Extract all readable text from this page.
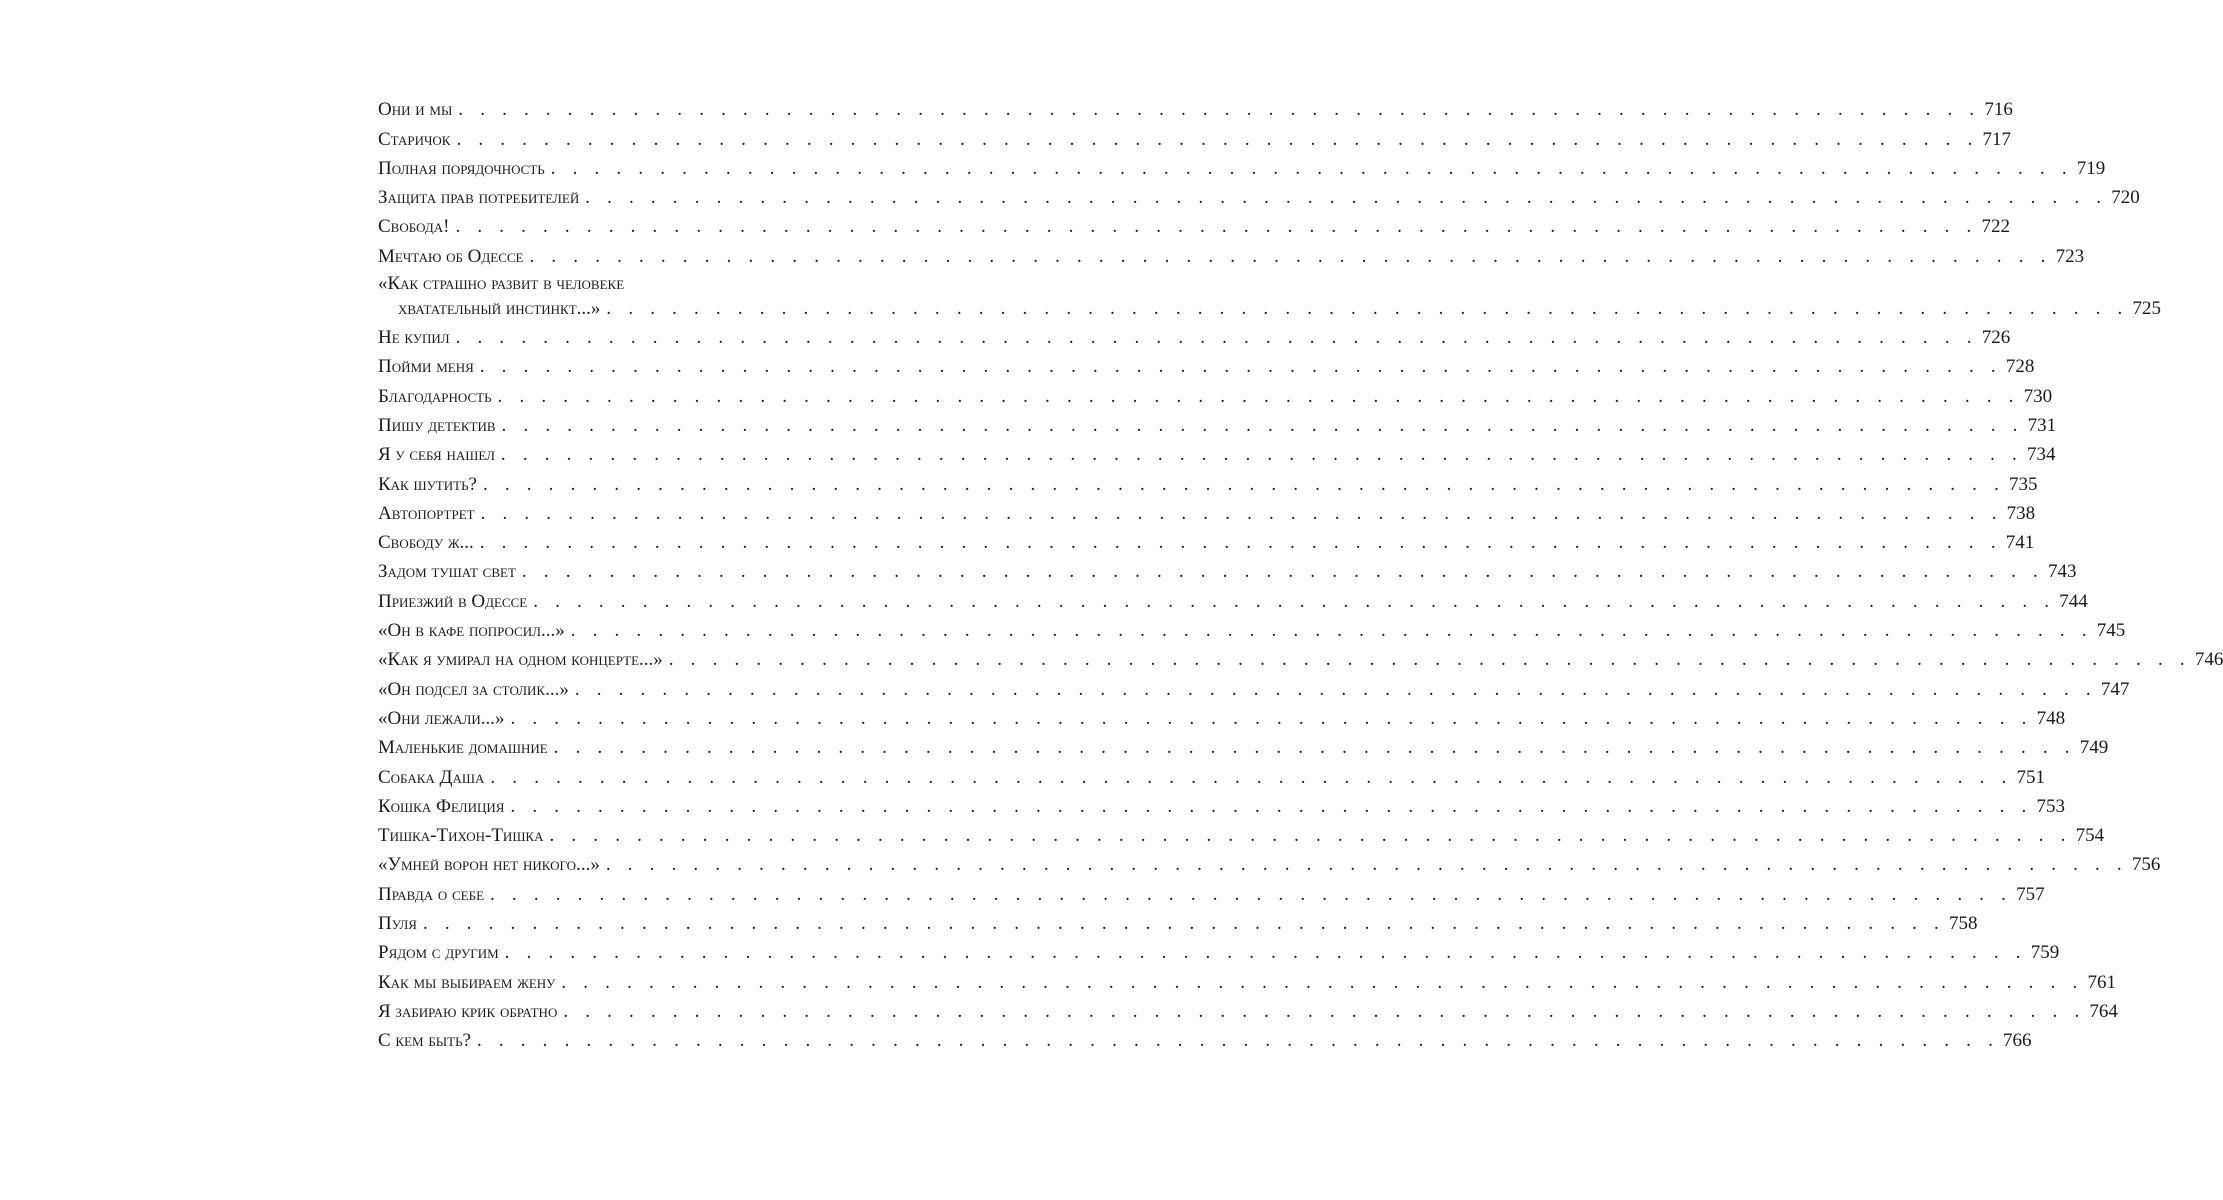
Они и мы . . . . . . . . . . . . . . . . . . . . . . . . . . . . . . . . . . . . . . . . . . . . . . . . . . . . . . . . . . . . . . . . . . . . . . 716
Старичок . . . . . . . . . . . . . . . . . . . . . . . . . . . . . . . . . . . . . . . . . . . . . . . . . . . . . . . . . . . . . . . . . . . . . . 717
Полная порядочность . . . . . . . . . . . . . . . . . . . . . . . . . . . . . . . . . . . . . . . . . . . . . . . . . . . . . . . . . . . . . . . . . . . . . . 719
Защита прав потребителей . . . . . . . . . . . . . . . . . . . . . . . . . . . . . . . . . . . . . . . . . . . . . . . . . . . . . . . . . . . . . . . . . . . . . . 720
Свобода! . . . . . . . . . . . . . . . . . . . . . . . . . . . . . . . . . . . . . . . . . . . . . . . . . . . . . . . . . . . . . . . . . . . . . . 722
Мечтаю об Одессе . . . . . . . . . . . . . . . . . . . . . . . . . . . . . . . . . . . . . . . . . . . . . . . . . . . . . . . . . . . . . . . . . . . . . . 723
«Как страшно развит в человеке
хватательный инстинкт...» . . . . . . . . . . . . . . . . . . . . . . . . . . . . . . . . . . . . . . . . . . . . . . . . . . . . . . . . . . . . . . . . . . . . . . 725
Не купил . . . . . . . . . . . . . . . . . . . . . . . . . . . . . . . . . . . . . . . . . . . . . . . . . . . . . . . . . . . . . . . . . . . . . . 726
Пойми меня . . . . . . . . . . . . . . . . . . . . . . . . . . . . . . . . . . . . . . . . . . . . . . . . . . . . . . . . . . . . . . . . . . . . . . 728
Благодарность . . . . . . . . . . . . . . . . . . . . . . . . . . . . . . . . . . . . . . . . . . . . . . . . . . . . . . . . . . . . . . . . . . . . . . 730
Пишу детектив . . . . . . . . . . . . . . . . . . . . . . . . . . . . . . . . . . . . . . . . . . . . . . . . . . . . . . . . . . . . . . . . . . . . . . 731
Я у себя нашел . . . . . . . . . . . . . . . . . . . . . . . . . . . . . . . . . . . . . . . . . . . . . . . . . . . . . . . . . . . . . . . . . . . . . . 734
Как шутить? . . . . . . . . . . . . . . . . . . . . . . . . . . . . . . . . . . . . . . . . . . . . . . . . . . . . . . . . . . . . . . . . . . . . . . 735
Автопортрет . . . . . . . . . . . . . . . . . . . . . . . . . . . . . . . . . . . . . . . . . . . . . . . . . . . . . . . . . . . . . . . . . . . . . . 738
Свободу ж... . . . . . . . . . . . . . . . . . . . . . . . . . . . . . . . . . . . . . . . . . . . . . . . . . . . . . . . . . . . . . . . . . . . . . . 741
Задом тушат свет . . . . . . . . . . . . . . . . . . . . . . . . . . . . . . . . . . . . . . . . . . . . . . . . . . . . . . . . . . . . . . . . . . . . . . 743
Приезжий в Одессе . . . . . . . . . . . . . . . . . . . . . . . . . . . . . . . . . . . . . . . . . . . . . . . . . . . . . . . . . . . . . . . . . . . . . . 744
«Он в кафе попросил...» . . . . . . . . . . . . . . . . . . . . . . . . . . . . . . . . . . . . . . . . . . . . . . . . . . . . . . . . . . . . . . . . . . . . . . 745
«Как я умирал на одном концерте...» . . . . . . . . . . . . . . . . . . . . . . . . . . . . . . . . . . . . . . . . . . . . . . . . . . . . . . . . . . . . . . . . . . . . . . 746
«Он подсел за столик...» . . . . . . . . . . . . . . . . . . . . . . . . . . . . . . . . . . . . . . . . . . . . . . . . . . . . . . . . . . . . . . . . . . . . . . 747
«Они лежали...» . . . . . . . . . . . . . . . . . . . . . . . . . . . . . . . . . . . . . . . . . . . . . . . . . . . . . . . . . . . . . . . . . . . . . . 748
Маленькие домашние . . . . . . . . . . . . . . . . . . . . . . . . . . . . . . . . . . . . . . . . . . . . . . . . . . . . . . . . . . . . . . . . . . . . . . 749
Собака Даша . . . . . . . . . . . . . . . . . . . . . . . . . . . . . . . . . . . . . . . . . . . . . . . . . . . . . . . . . . . . . . . . . . . . . . 751
Кошка Фелиция . . . . . . . . . . . . . . . . . . . . . . . . . . . . . . . . . . . . . . . . . . . . . . . . . . . . . . . . . . . . . . . . . . . . . . 753
Тишка-Тихон-Тишка . . . . . . . . . . . . . . . . . . . . . . . . . . . . . . . . . . . . . . . . . . . . . . . . . . . . . . . . . . . . . . . . . . . . . . 754
«Умней ворон нет никого...» . . . . . . . . . . . . . . . . . . . . . . . . . . . . . . . . . . . . . . . . . . . . . . . . . . . . . . . . . . . . . . . . . . . . . . 756
Правда о себе . . . . . . . . . . . . . . . . . . . . . . . . . . . . . . . . . . . . . . . . . . . . . . . . . . . . . . . . . . . . . . . . . . . . . . 757
Пуля . . . . . . . . . . . . . . . . . . . . . . . . . . . . . . . . . . . . . . . . . . . . . . . . . . . . . . . . . . . . . . . . . . . . . . 758
Рядом с другим . . . . . . . . . . . . . . . . . . . . . . . . . . . . . . . . . . . . . . . . . . . . . . . . . . . . . . . . . . . . . . . . . . . . . . 759
Как мы выбираем жену . . . . . . . . . . . . . . . . . . . . . . . . . . . . . . . . . . . . . . . . . . . . . . . . . . . . . . . . . . . . . . . . . . . . . . 761
Я забираю крик обратно . . . . . . . . . . . . . . . . . . . . . . . . . . . . . . . . . . . . . . . . . . . . . . . . . . . . . . . . . . . . . . . . . . . . . . 764
С кем быть? . . . . . . . . . . . . . . . . . . . . . . . . . . . . . . . . . . . . . . . . . . . . . . . . . . . . . . . . . . . . . . . . . . . . . . 766
